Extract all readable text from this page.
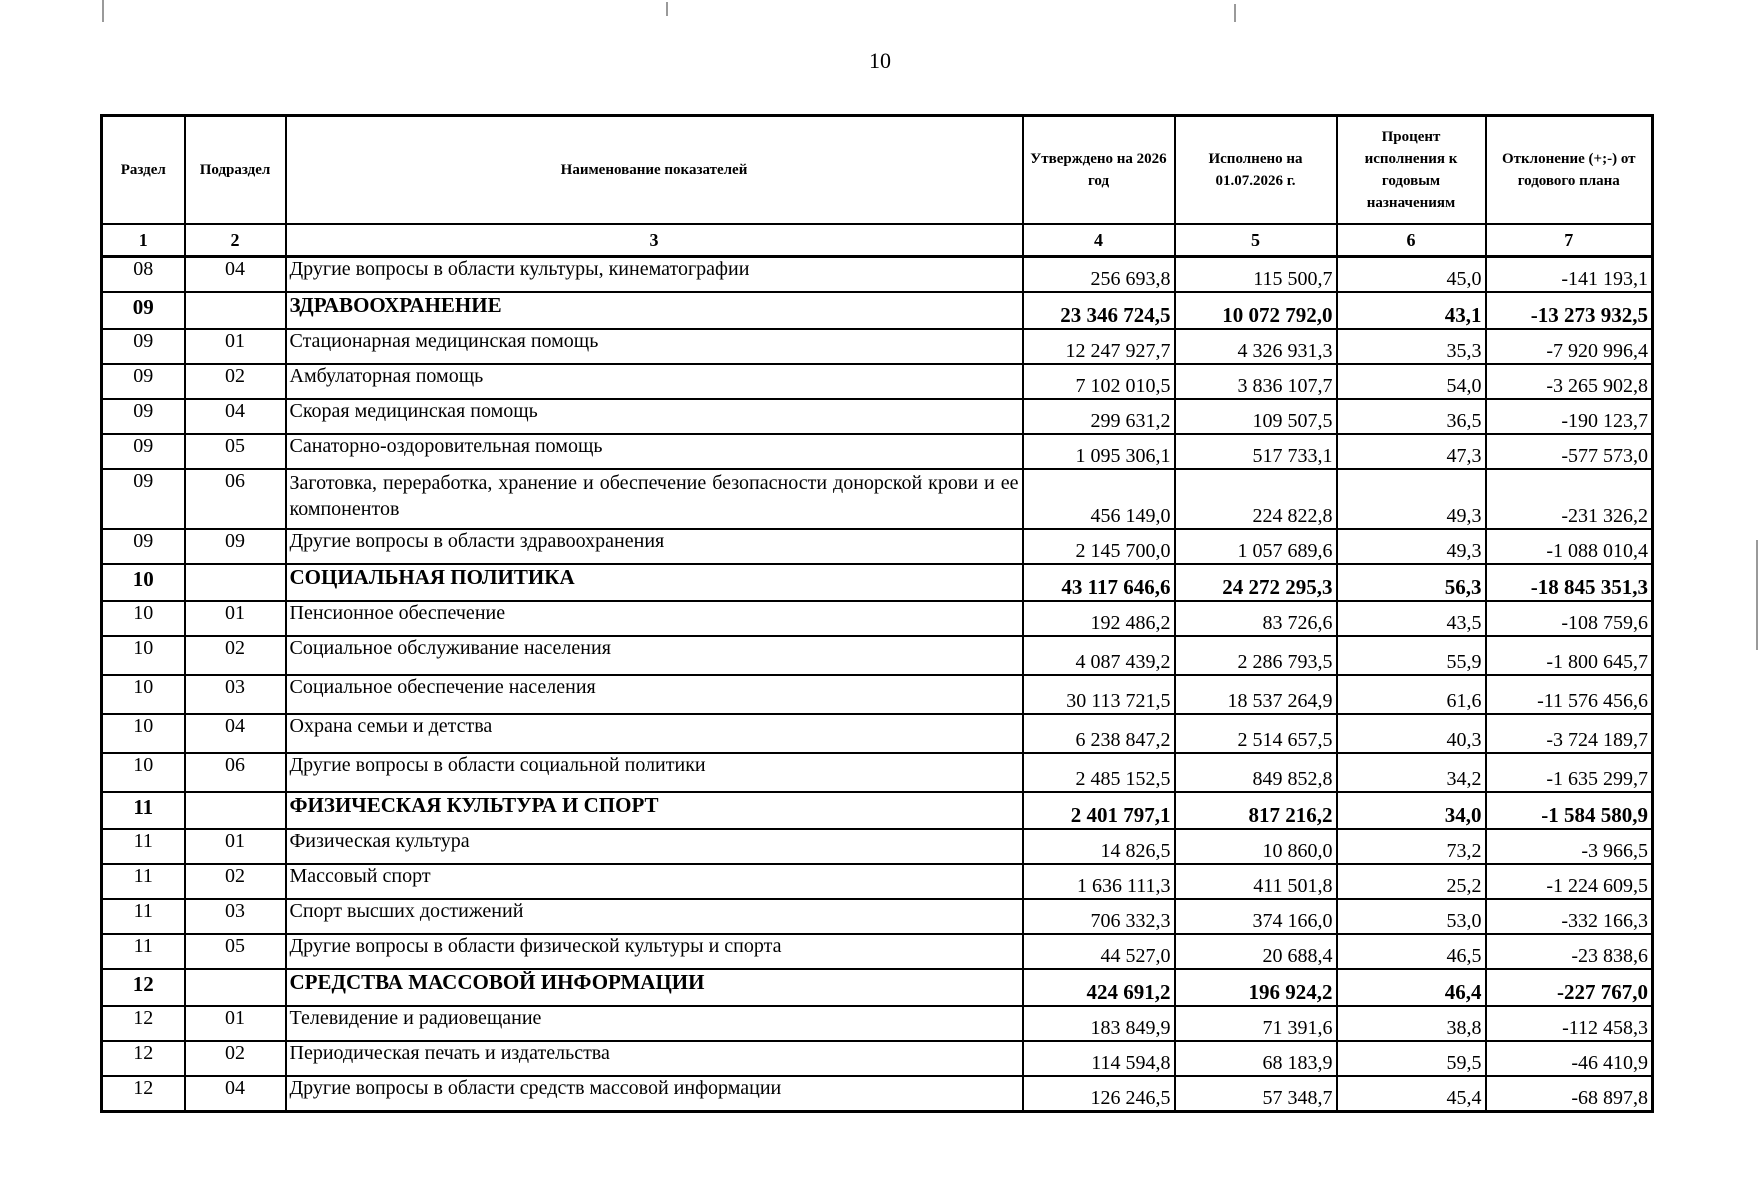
10
Раздел	Подраздел	Наименование показателей	Утверждено на 2026 год	Исполнено на 01.07.2026 г.	Процент исполнения к годовым назначениям	Отклонение (+;-) от годового плана
1	2	3	4	5	6	7
08	04	Другие вопросы в области культуры, кинематографии	256 693,8	115 500,7	45,0	-141 193,1
09		ЗДРАВООХРАНЕНИЕ	23 346 724,5	10 072 792,0	43,1	-13 273 932,5
09	01	Стационарная медицинская помощь	12 247 927,7	4 326 931,3	35,3	-7 920 996,4
09	02	Амбулаторная помощь	7 102 010,5	3 836 107,7	54,0	-3 265 902,8
09	04	Скорая медицинская помощь	299 631,2	109 507,5	36,5	-190 123,7
09	05	Санаторно-оздоровительная помощь	1 095 306,1	517 733,1	47,3	-577 573,0
09	06	Заготовка, переработка, хранение и обеспечение безопасности донорской крови и ее компонентов	456 149,0	224 822,8	49,3	-231 326,2
09	09	Другие вопросы в области здравоохранения	2 145 700,0	1 057 689,6	49,3	-1 088 010,4
10		СОЦИАЛЬНАЯ ПОЛИТИКА	43 117 646,6	24 272 295,3	56,3	-18 845 351,3
10	01	Пенсионное обеспечение	192 486,2	83 726,6	43,5	-108 759,6
10	02	Социальное обслуживание населения	4 087 439,2	2 286 793,5	55,9	-1 800 645,7
10	03	Социальное обеспечение населения	30 113 721,5	18 537 264,9	61,6	-11 576 456,6
10	04	Охрана семьи и детства	6 238 847,2	2 514 657,5	40,3	-3 724 189,7
10	06	Другие вопросы в области социальной политики	2 485 152,5	849 852,8	34,2	-1 635 299,7
11		ФИЗИЧЕСКАЯ КУЛЬТУРА И СПОРТ	2 401 797,1	817 216,2	34,0	-1 584 580,9
11	01	Физическая культура	14 826,5	10 860,0	73,2	-3 966,5
11	02	Массовый спорт	1 636 111,3	411 501,8	25,2	-1 224 609,5
11	03	Спорт высших достижений	706 332,3	374 166,0	53,0	-332 166,3
11	05	Другие вопросы в области физической культуры и спорта	44 527,0	20 688,4	46,5	-23 838,6
12		СРЕДСТВА МАССОВОЙ ИНФОРМАЦИИ	424 691,2	196 924,2	46,4	-227 767,0
12	01	Телевидение и радиовещание	183 849,9	71 391,6	38,8	-112 458,3
12	02	Периодическая печать и издательства	114 594,8	68 183,9	59,5	-46 410,9
12	04	Другие вопросы в области средств массовой информации	126 246,5	57 348,7	45,4	-68 897,8
